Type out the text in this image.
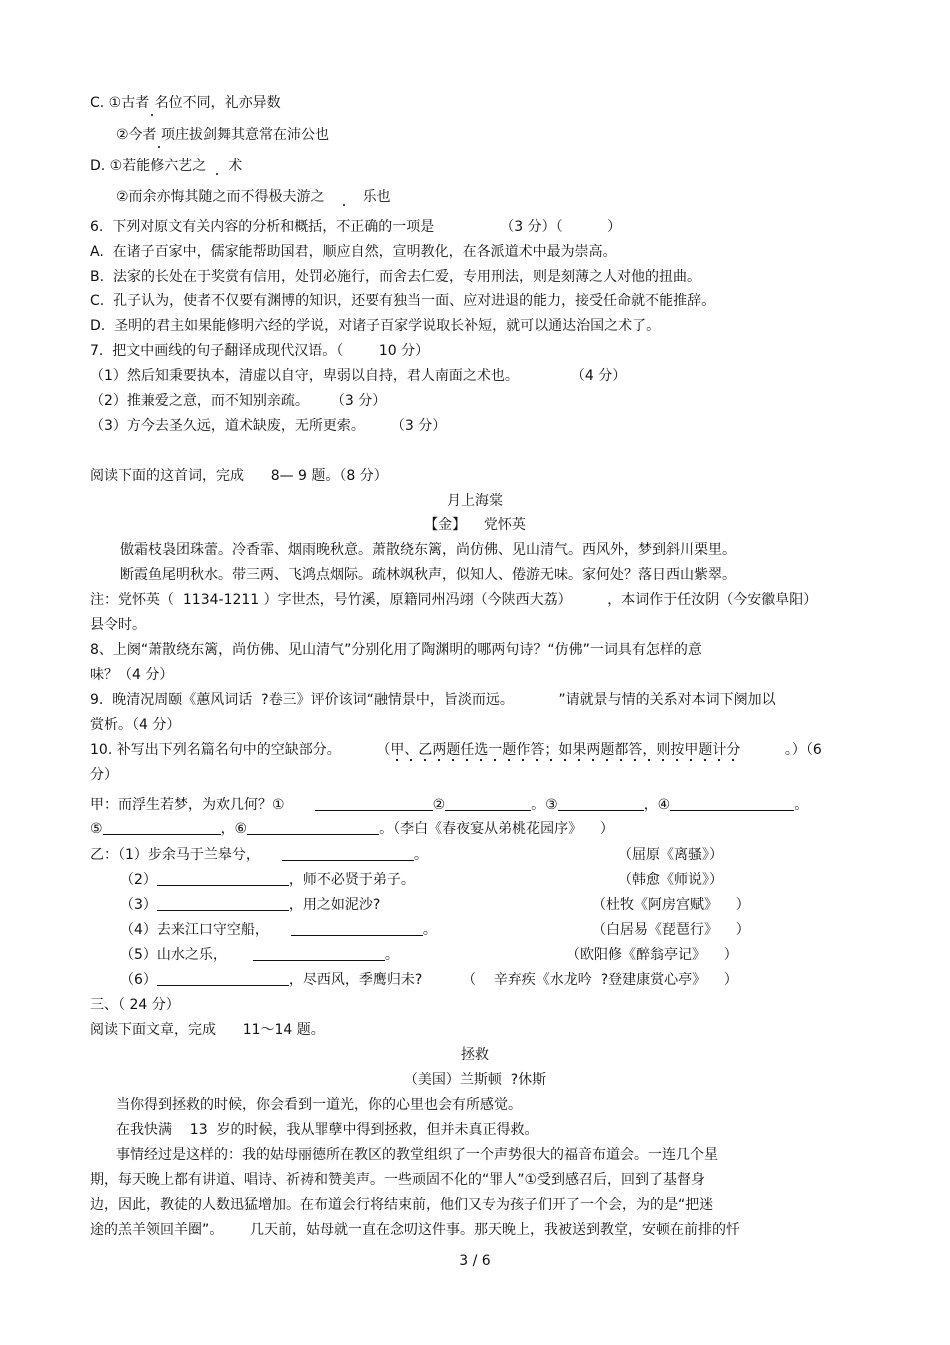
C. ①古者 名位不同，礼亦异数
②今者 项庄拔剑舞其意常在沛公也
D. ①若能修六艺之 术
②而余亦悔其随之而不得极夫游之	乐也
6.  下列对原文有关内容的分析和概括，不正确的一项是	（3 分）（          ）
A.  在诸子百家中，儒家能帮助国君，顺应自然，宣明教化，在各派道术中最为崇高。
B.  法家的长处在于奖赏有信用，处罚必施行，而舍去仁爱，专用刑法，则是刻薄之人对他的扭曲。
C.  孔子认为，使者不仅要有渊博的知识，还要有独当一面、应对进退的能力，接受任命就不能推辞。
D.  圣明的君主如果能修明六经的学说，对诸子百家学说取长补短，就可以通达治国之术了。
7.  把文中画线的句子翻译成现代汉语。（        10 分）
（1）然后知秉要执本，清虚以自守，卑弱以自持，君人南面之术也。	（4 分）
（2）推兼爱之意，而不知别亲疏。 （3 分）
（3）方今去圣久远，道术缺废，无所更索。 （3 分）
阅读下面的这首词，完成      8— 9 题。（8 分）
月上海棠
【金】    党怀英
傲霜枝袅团珠蕾。冷香霏、烟雨晚秋意。萧散绕东篱，尚仿佛、见山清气。西风外，梦到斜川栗里。
断霞鱼尾明秋水。带三两、飞鸿点烟际。疏林飒秋声，似知人、倦游无味。家何处？落日西山紫翠。
注：党怀英（  1134-1211 ）字世杰，号竹溪，原籍同州冯翊（今陕西大荔）        ，本词作于任汝阴（今安徽阜阳）
县令时。
8、上阕“萧散绕东篱，尚仿佛、见山清气”分别化用了陶渊明的哪两句诗？“仿佛”一词具有怎样的意
味？（4 分）
9.  晚清况周颐《蕙风词话  ?卷三》评价该词“融情景中，旨淡而远。          ”请就景与情的关系对本词下阕加以
赏析。（4 分）
10. 补写出下列名篇名句中的空缺部分。        （甲、乙两题任选一题作答；如果两题都答，则按甲题计分          。）（6
分）
甲：而浮生若梦，为欢几何？①	②	。③	，④	。
⑤	，⑥	。（李白《春夜宴从弟桃花园序》    ）
乙：（1）步余马于兰皋兮，	。	（屈原《离骚》）
（2）	，师不必贤于弟子。	（韩愈《师说》）
（3）	，用之如泥沙?	（杜牧《阿房宫赋》    ）
（4）去来江口守空船，	。	（白居易《琵琶行》    ）
（5）山水之乐，	。	（欧阳修《醉翁亭记》    ）
（6）	，尽西风，季鹰归未?	（    辛弃疾《水龙吟  ?登建康赏心亭》    ）
三、（ 24 分）
阅读下面文章，完成      11～14 题。
拯救
（美国）兰斯顿  ?休斯
当你得到拯救的时候，你会看到一道光，你的心里也会有所感觉。
在我快满    13  岁的时候，我从罪孽中得到拯救，但并未真正得救。
事情经过是这样的：我的姑母丽德所在教区的教堂组织了一个声势很大的福音布道会。一连几个星
期，每天晚上都有讲道、唱诗、祈祷和赞美声。一些顽固不化的“罪人”①受到感召后，回到了基督身
边，因此，教徒的人数迅猛增加。在布道会行将结束前，他们又专为孩子们开了一个会，为的是“把迷
途的羔羊领回羊圈”。      几天前，姑母就一直在念叨这件事。那天晚上，我被送到教堂，安顿在前排的忏
3 / 6
